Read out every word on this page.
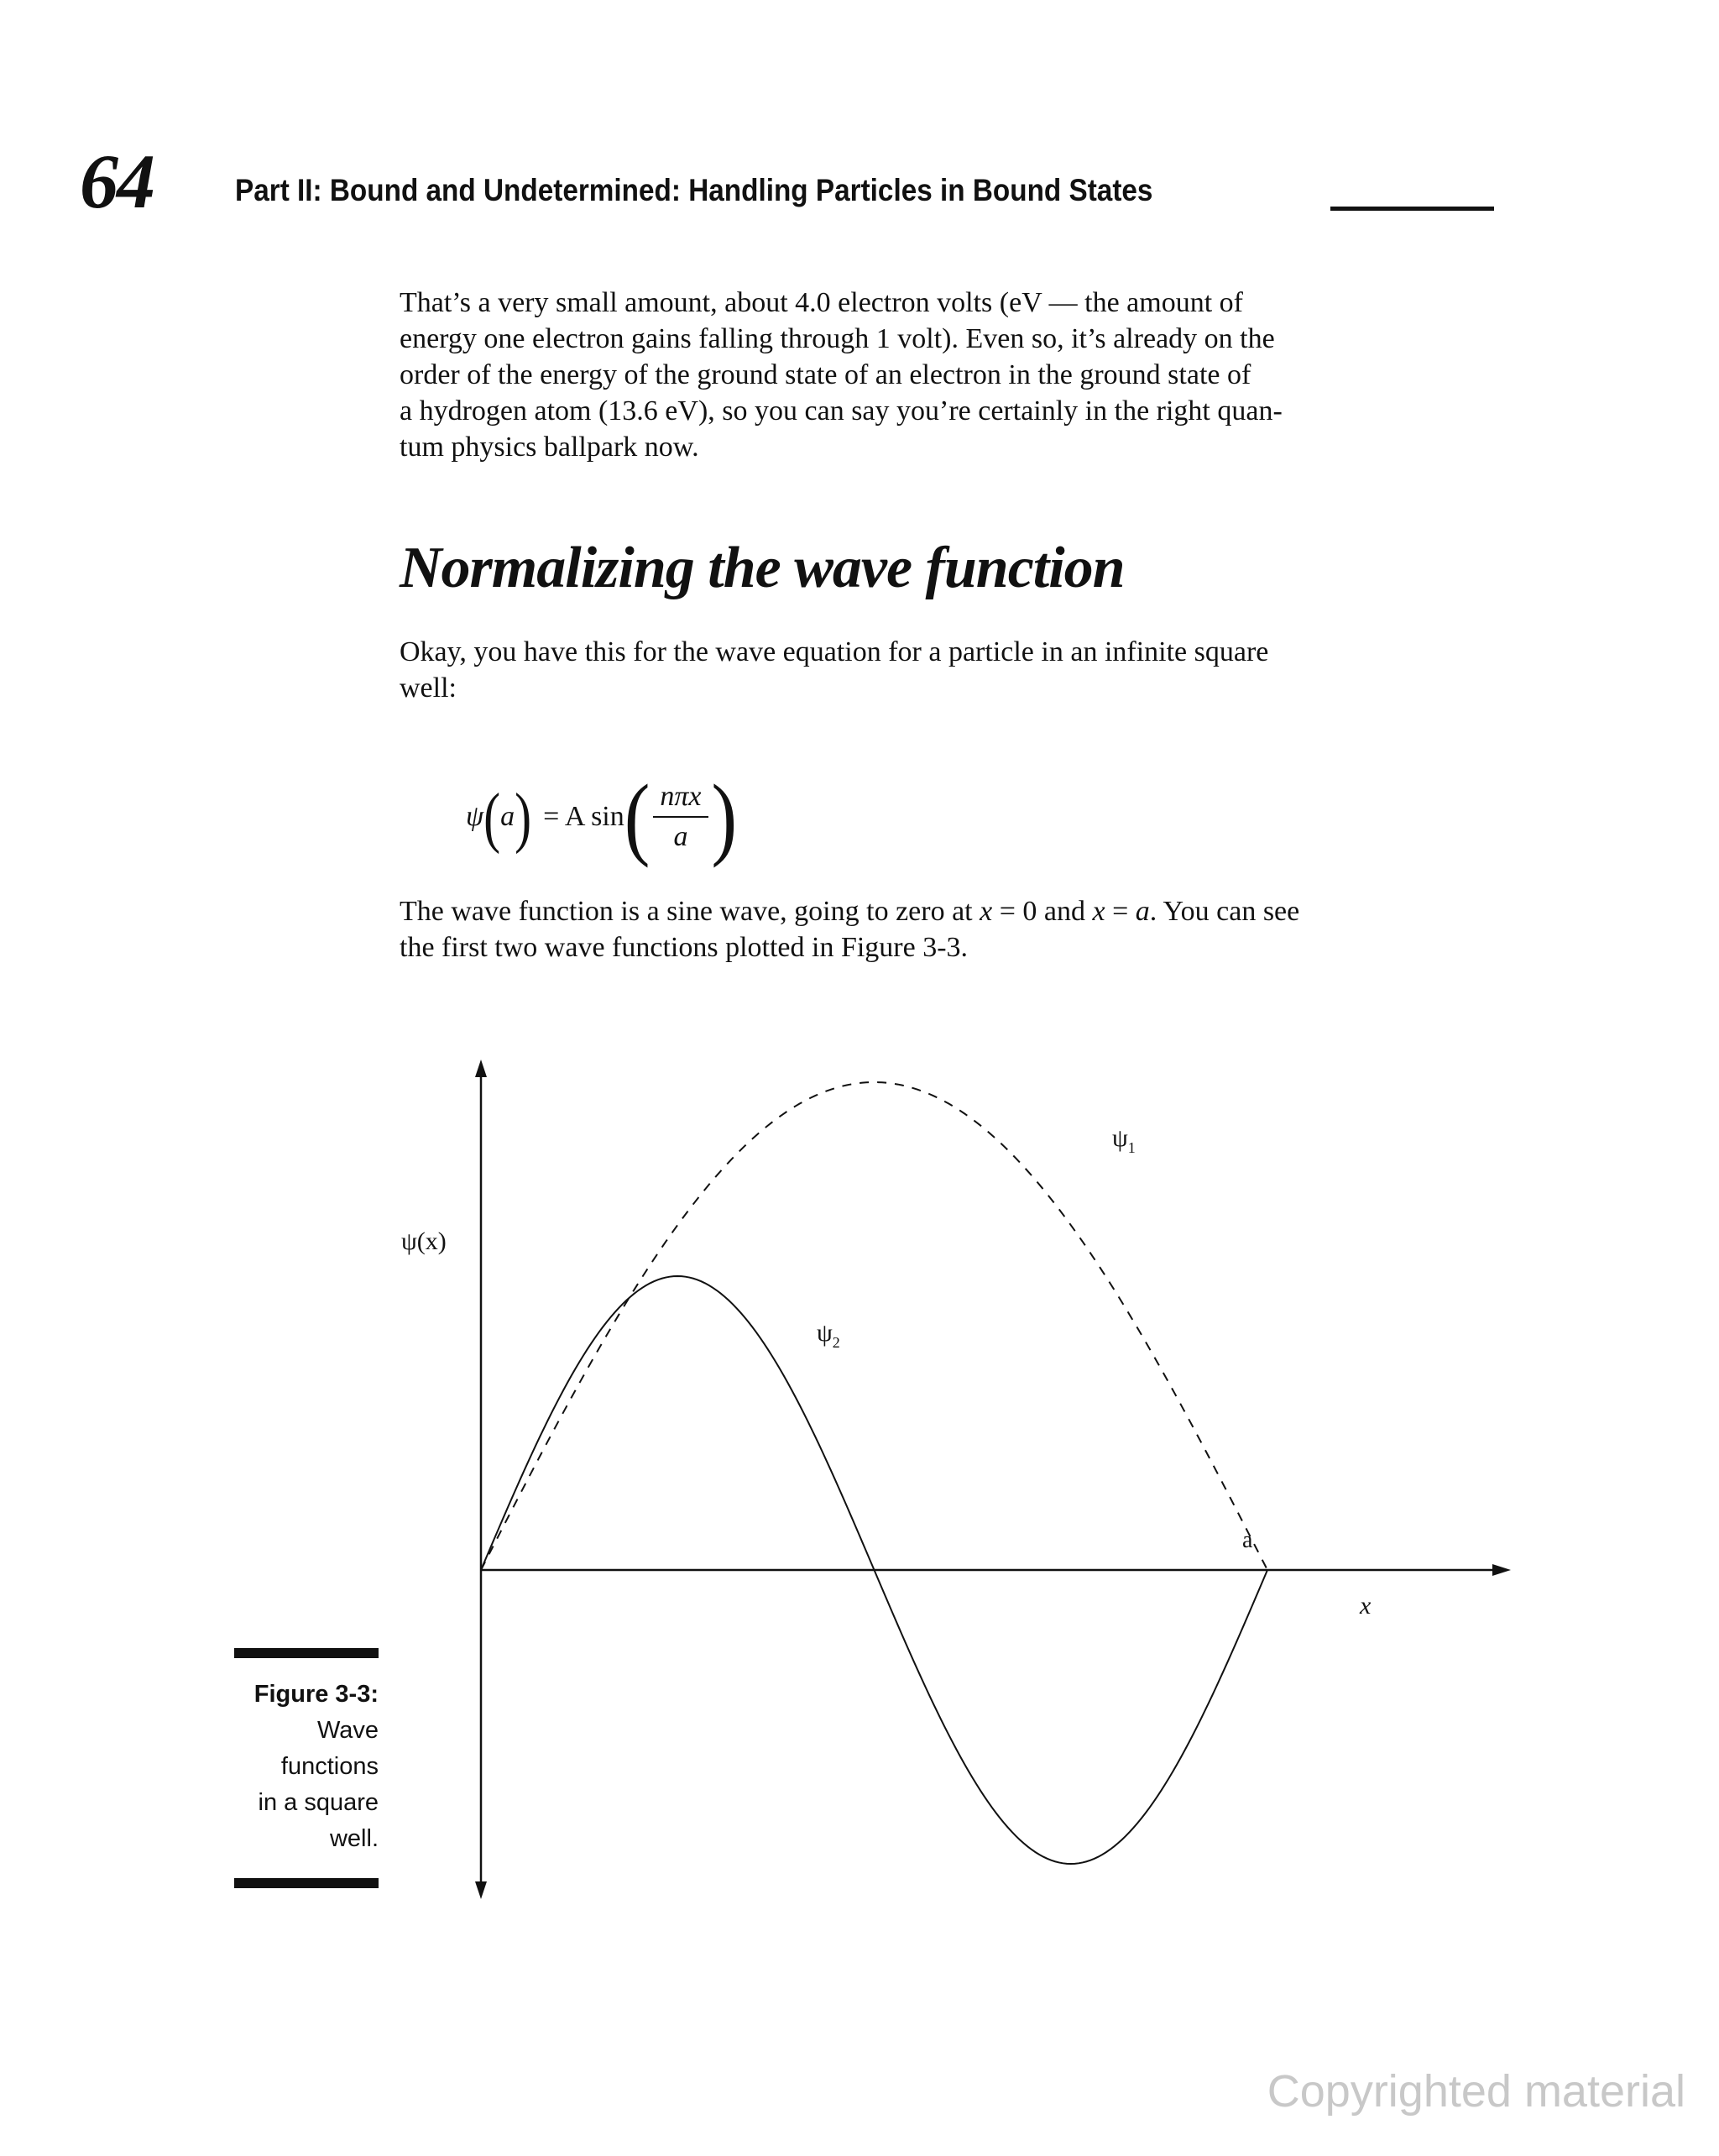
64	Part II: Bound and Undetermined: Handling Particles in Bound States
That’s a very small amount, about 4.0 electron volts (eV — the amount of
energy one electron gains falling through 1 volt). Even so, it’s already on the
order of the energy of the ground state of an electron in the ground state of
a hydrogen atom (13.6 eV), so you can say you’re certainly in the right quan-
tum physics ballpark now.
Normalizing the wave function
Okay, you have this for the wave equation for a particle in an infinite square
well:
ψ ( a ) = A sin ( $\frac{\text{nπx}}{a}$ )
The wave function is a sine wave, going to zero at x = 0 and x = a. You can see
the first two wave functions plotted in Figure 3-3.
ψ(x)
x
$\psi_1$
$\psi_2$
a
Figure 3-3:
Wave
functions
in a square
well.
Copyrighted material
